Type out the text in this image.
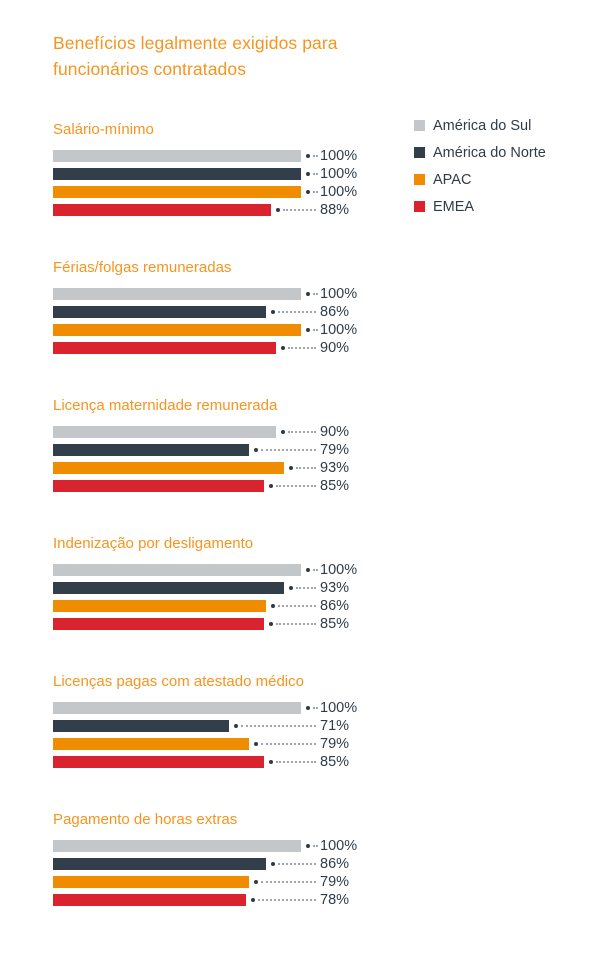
Benefícios legalmente exigidos para funcionários contratados
América do Sul
América do Norte
APAC
EMEA
Salário-mínimo
100%
100%
100%
88%
Férias/folgas remuneradas
100%
86%
100%
90%
Licença maternidade remunerada
90%
79%
93%
85%
Indenização por desligamento
100%
93%
86%
85%
Licenças pagas com atestado médico
100%
71%
79%
85%
Pagamento de horas extras
100%
86%
79%
78%
